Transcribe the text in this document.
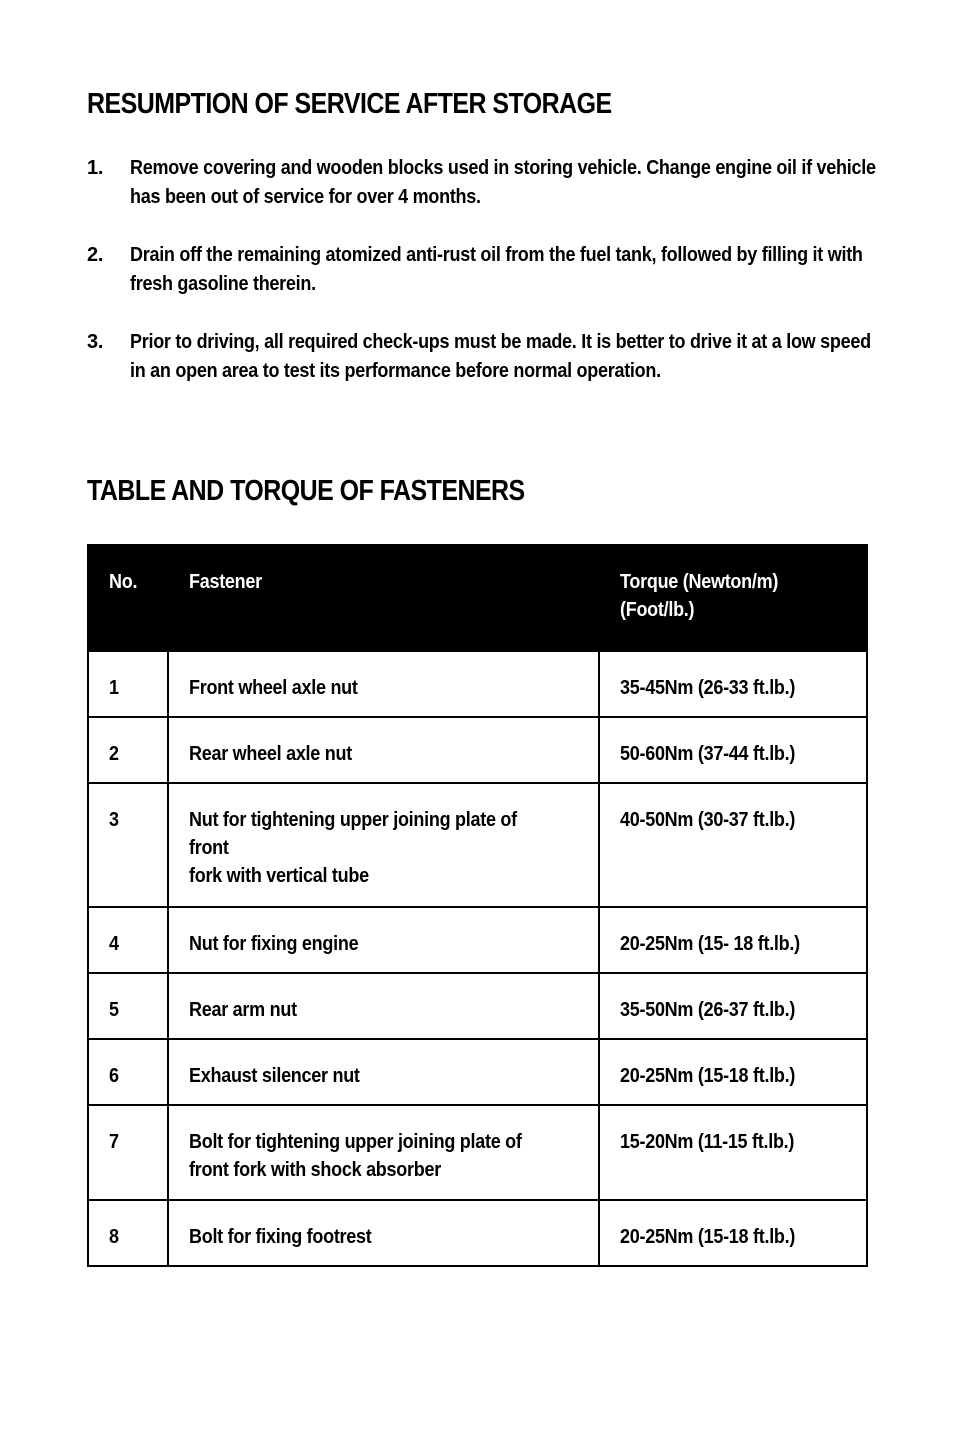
RESUMPTION OF SERVICE AFTER STORAGE
1. Remove covering and wooden blocks used in storing vehicle. Change engine oil if vehicle has been out of service for over 4 months.
2. Drain off the remaining atomized anti-rust oil from the fuel tank, followed by filling it with fresh gasoline therein.
3. Prior to driving, all required check-ups must be made. It is better to drive it at a low speed in an open area to test its performance before normal operation.
TABLE AND TORQUE OF FASTENERS
No.	Fastener	Torque (Newton/m)
(Foot/lb.)

1	Front wheel axle nut	35-45Nm (26-33 ft.lb.)

2	Rear wheel axle nut	50-60Nm (37-44 ft.lb.)

3	Nut for tightening upper joining plate of
front
fork with vertical tube	40-50Nm (30-37 ft.lb.)

4	Nut for fixing engine	20-25Nm (15- 18 ft.lb.)

5	Rear arm nut	35-50Nm (26-37 ft.lb.)

6	Exhaust silencer nut	20-25Nm (15-18 ft.lb.)

7	Bolt for tightening upper joining plate of
front fork with shock absorber	15-20Nm (11-15 ft.lb.)

8	Bolt for fixing footrest	20-25Nm (15-18 ft.lb.)
